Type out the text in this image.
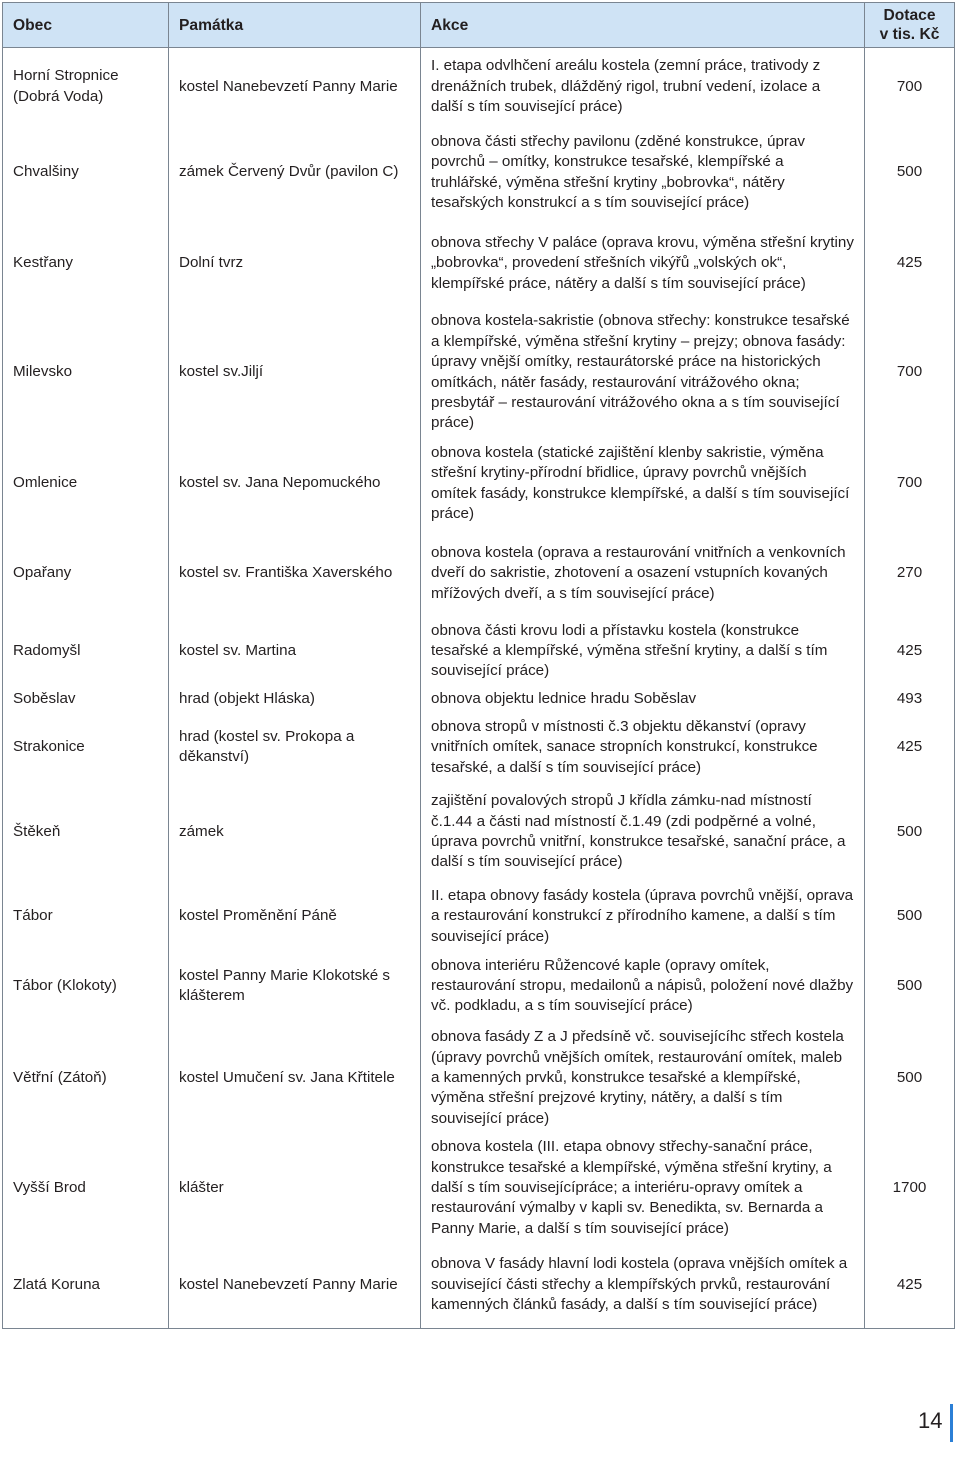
Obec	Památka	Akce	Dotace
v tis. Kč
Horní Stropnice (Dobrá Voda)	kostel Nanebevzetí Panny Marie	I. etapa odvlhčení areálu kostela (zemní práce, trativody z drenážních trubek, dlážděný rigol, trubní vedení, izolace a další s tím související práce)	700
Chvalšiny	zámek Červený Dvůr (pavilon C)	obnova části střechy pavilonu (zděné konstrukce, úprav povrchů – omítky, konstrukce tesařské, klempířské a truhlářské, výměna střešní krytiny „bobrovka“, nátěry tesařských konstrukcí a s tím související práce)	500
Kestřany	Dolní tvrz	obnova střechy V paláce (oprava krovu, výměna střešní krytiny „bobrovka“, provedení střešních vikýřů „volských ok“, klempířské práce, nátěry a další s tím související práce)	425
Milevsko	kostel sv.Jiljí	obnova kostela-sakristie (obnova střechy: konstrukce tesařské a klempířské, výměna střešní krytiny – prejzy; obnova fasády: úpravy vnější omítky, restaurátorské práce na historických omítkách, nátěr fasády, restaurování vitrážového okna; presbytář – restaurování vitrážového okna a s tím související práce)	700
Omlenice	kostel sv. Jana Nepomuckého	obnova kostela (statické zajištění klenby sakristie, výměna střešní krytiny-přírodní břidlice, úpravy povrchů vnějších omítek fasády, konstrukce klempířské, a další s tím související práce)	700
Opařany	kostel sv. Františka Xaverského	obnova kostela (oprava a restaurování vnitřních a venkovních dveří do sakristie, zhotovení a osazení vstupních kovaných mřížových dveří, a s tím související práce)	270
Radomyšl	kostel sv. Martina	obnova části krovu lodi a přístavku kostela (konstrukce tesařské a klempířské, výměna střešní krytiny, a další s tím související práce)	425
Soběslav	hrad (objekt Hláska)	obnova objektu lednice hradu Soběslav	493
Strakonice	hrad (kostel sv. Prokopa a děkanství)	obnova stropů v místnosti č.3 objektu děkanství (opravy vnitřních omítek, sanace stropních konstrukcí, konstrukce tesařské, a další s tím související práce)	425
Štěkeň	zámek	zajištění povalových stropů J křídla zámku-nad místností č.1.44 a části nad místností č.1.49 (zdi podpěrné a volné, úprava povrchů vnitřní, konstrukce tesařské, sanační práce, a další s tím související práce)	500
Tábor	kostel Proměnění Páně	II. etapa obnovy fasády kostela (úprava povrchů vnější, oprava a restaurování konstrukcí z přírodního kamene, a další s tím související práce)	500
Tábor (Klokoty)	kostel Panny Marie Klokotské s klášterem	obnova interiéru Růžencové kaple (opravy omítek, restaurování stropu, medailonů a nápisů, položení nové dlažby vč. podkladu, a s tím související práce)	500
Větřní (Zátoň)	kostel Umučení sv. Jana Křtitele	obnova fasády Z a J předsíně vč. souvisejícíhc střech kostela (úpravy povrchů vnějších omítek, restaurování omítek, maleb a kamenných prvků, konstrukce tesařské a klempířské, výměna střešní prejzové krytiny, nátěry, a další s tím související práce)	500
Vyšší Brod	klášter	obnova kostela (III. etapa obnovy střechy-sanační práce, konstrukce tesařské a klempířské, výměna střešní krytiny, a další s tím souvisejícípráce; a interiéru-opravy omítek a restaurování výmalby v kapli sv. Benedikta, sv. Bernarda a Panny Marie, a další s tím související práce)	1700
Zlatá Koruna	kostel Nanebevzetí Panny Marie	obnova V fasády hlavní lodi kostela (oprava vnějších omítek a související části střechy a klempířských prvků, restaurování kamenných článků fasády, a další s tím související práce)	425
14
